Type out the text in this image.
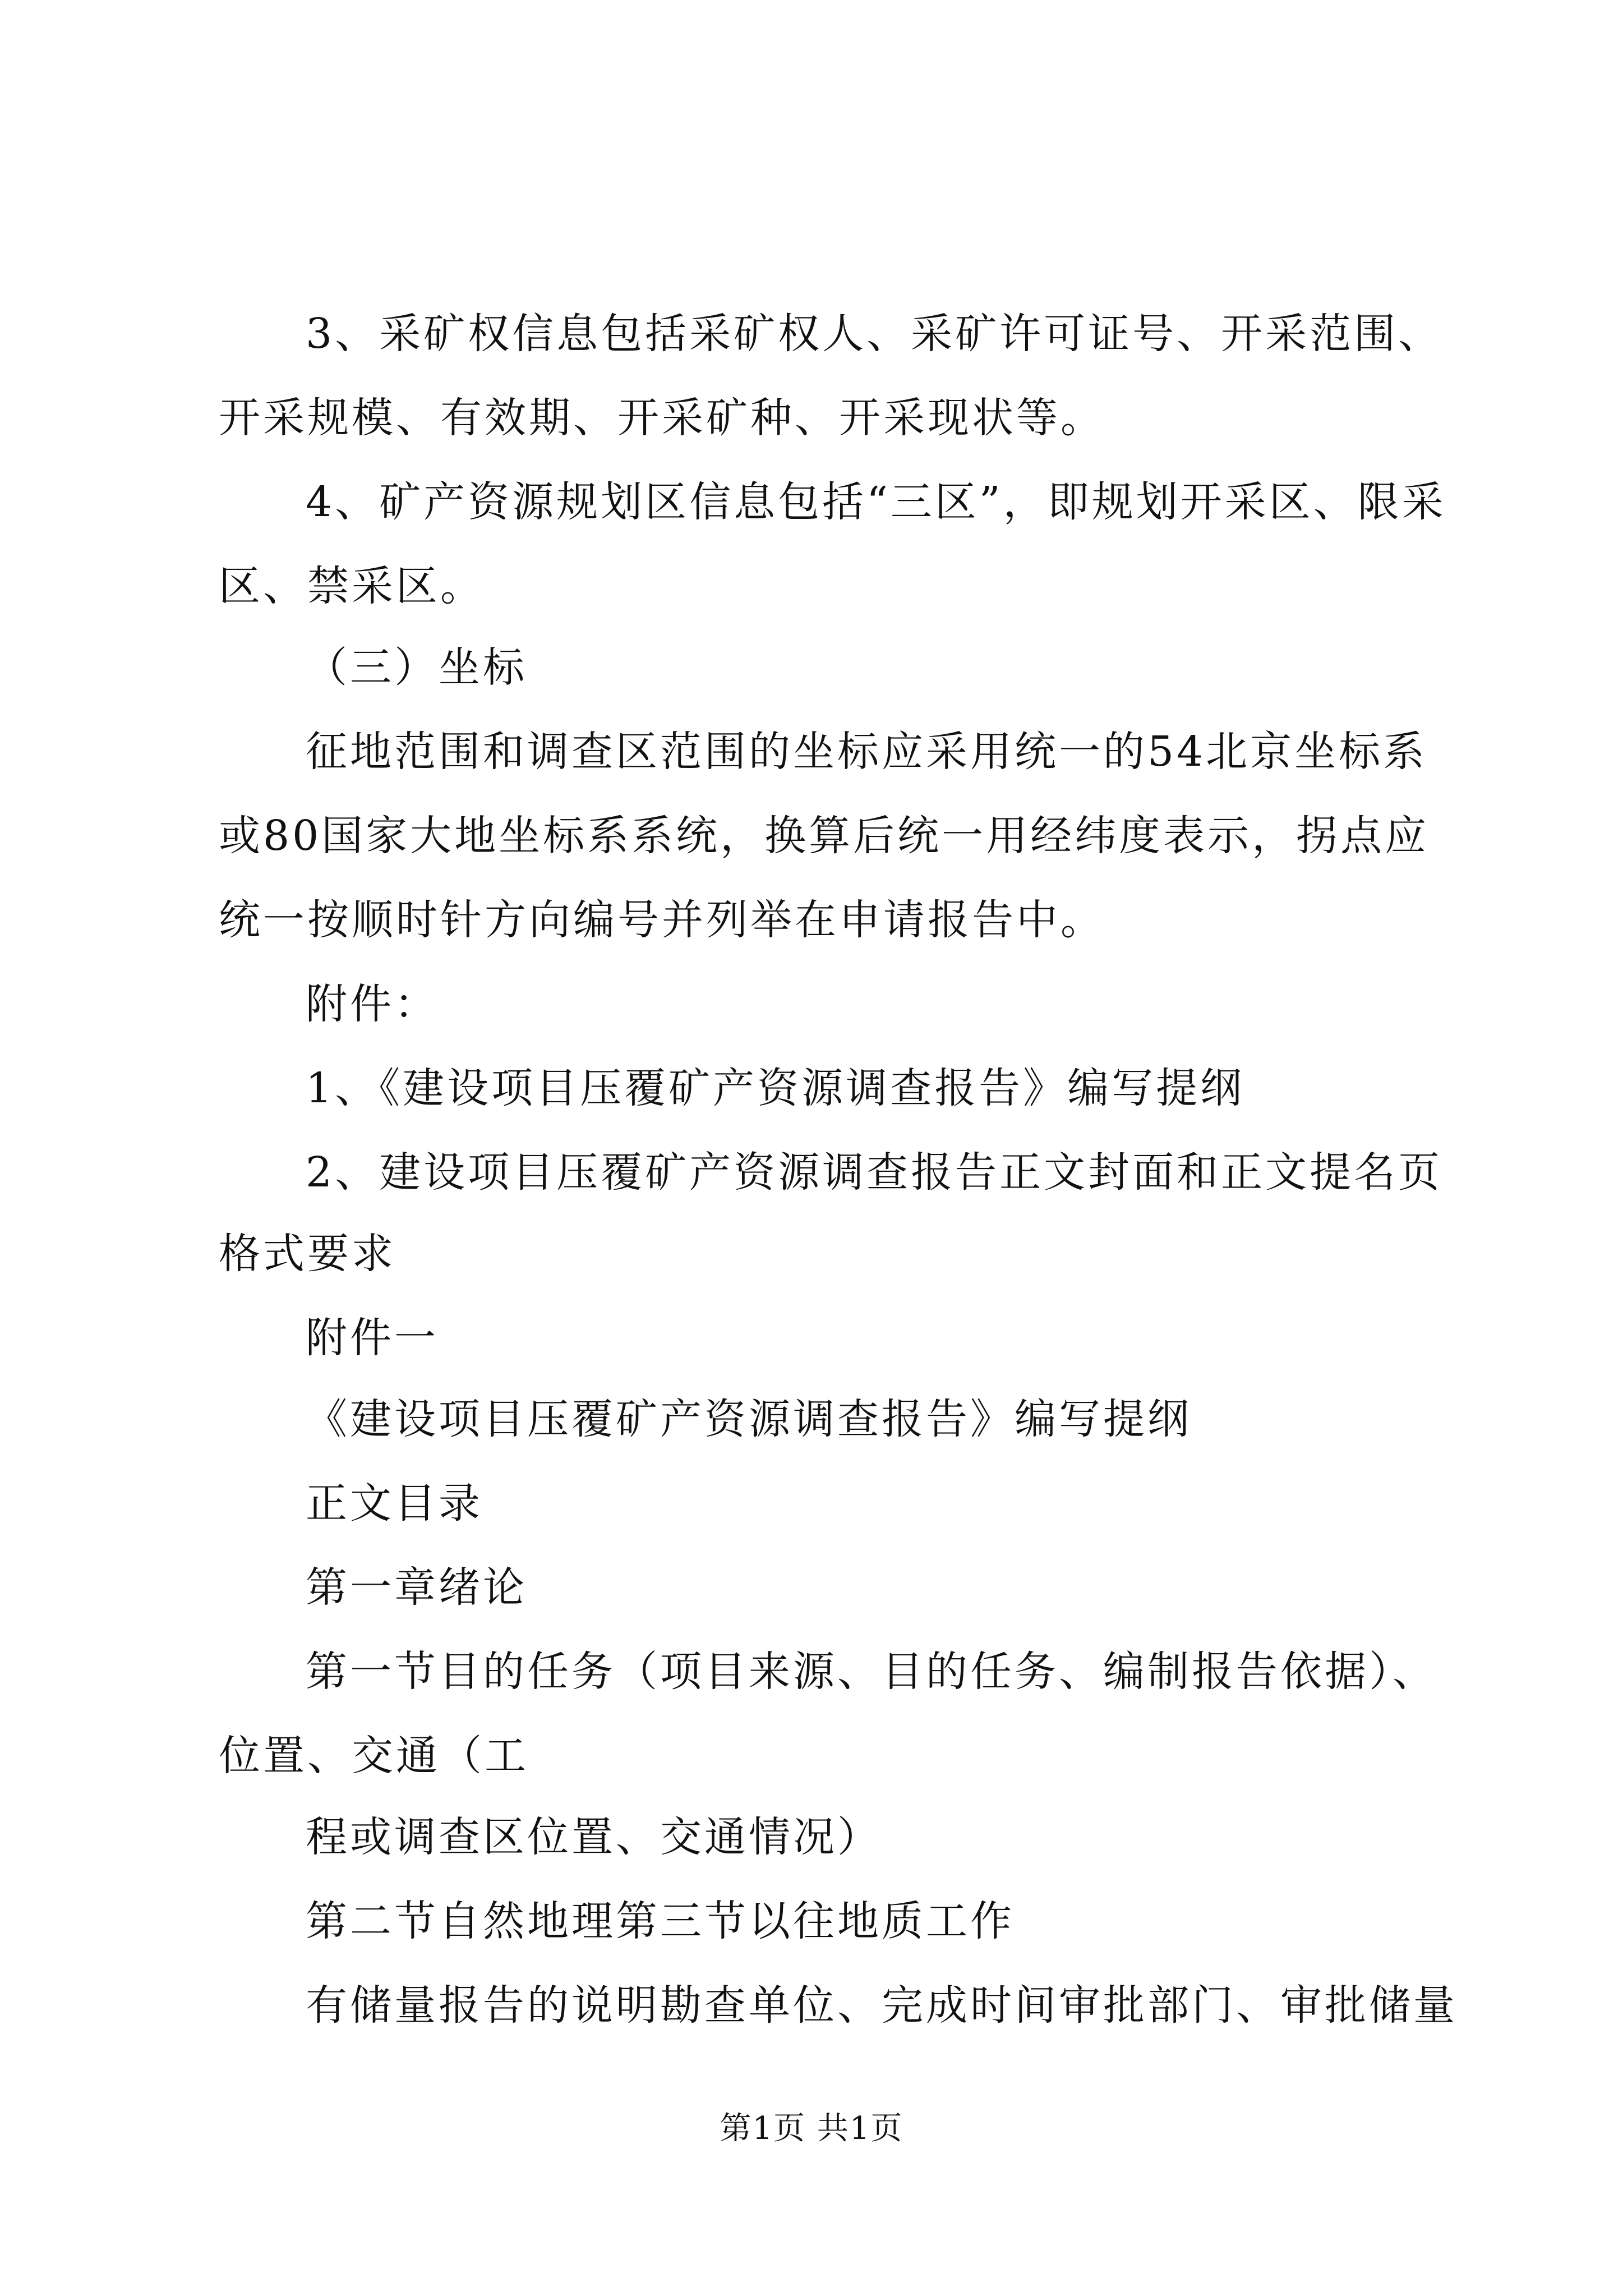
3、采矿权信息包括采矿权人、采矿许可证号、开采范围、
开采规模、有效期、开采矿种、开采现状等。
4、矿产资源规划区信息包括“三区”，即规划开采区、限采
区、禁采区。
（三）坐标
征地范围和调查区范围的坐标应采用统一的54北京坐标系
或80国家大地坐标系系统，换算后统一用经纬度表示，拐点应
统一按顺时针方向编号并列举在申请报告中。
附件：
1、《建设项目压覆矿产资源调查报告》编写提纲
2、建设项目压覆矿产资源调查报告正文封面和正文提名页
格式要求
附件一
《建设项目压覆矿产资源调查报告》编写提纲
正文目录
第一章绪论
第一节目的任务（项目来源、目的任务、编制报告依据）、
位置、交通（工
程或调查区位置、交通情况）
第二节自然地理第三节以往地质工作
有储量报告的说明勘查单位、完成时间审批部门、审批储量
第1页 共1页
